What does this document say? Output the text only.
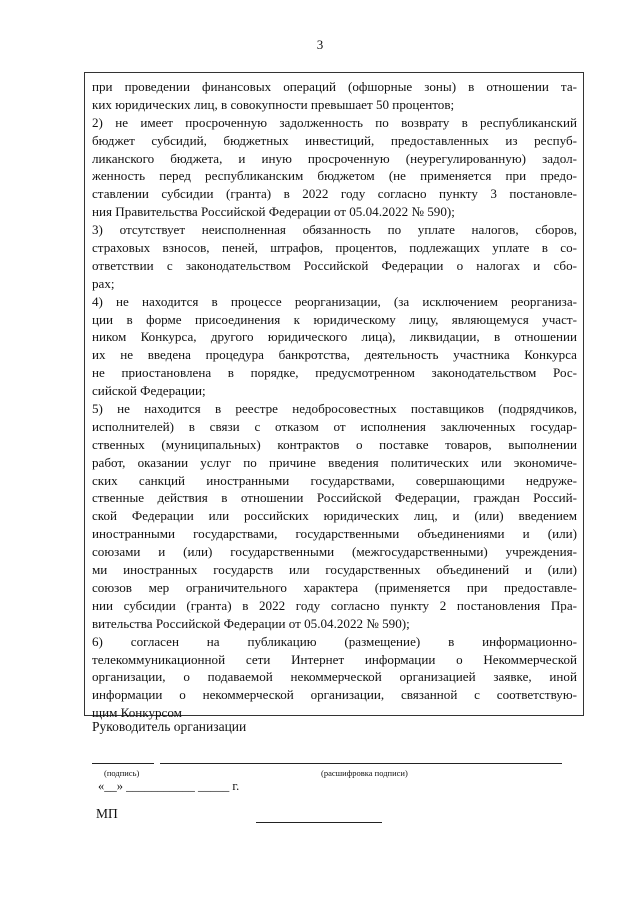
3
при проведении финансовых операций (офшорные зоны) в отношении та-
ких юридических лиц, в совокупности превышает 50 процентов;
2) не имеет просроченную задолженность по возврату в республиканский
бюджет субсидий, бюджетных инвестиций, предоставленных из респуб-
ликанского бюджета, и иную просроченную (неурегулированную) задол-
женность перед республиканским бюджетом (не применяется при предо-
ставлении субсидии (гранта) в 2022 году согласно пункту 3 постановле-
ния Правительства Российской Федерации от 05.04.2022 № 590);
3) отсутствует неисполненная обязанность по уплате налогов, сборов,
страховых взносов, пеней, штрафов, процентов, подлежащих уплате в со-
ответствии с законодательством Российской Федерации о налогах и сбо-
рах;
4) не находится в процессе реорганизации, (за исключением реорганиза-
ции в форме присоединения к юридическому лицу, являющемуся участ-
ником Конкурса, другого юридического лица), ликвидации, в отношении
их не введена процедура банкротства, деятельность участника Конкурса
не приостановлена в порядке, предусмотренном законодательством Рос-
сийской Федерации;
5) не находится в реестре недобросовестных поставщиков (подрядчиков,
исполнителей) в связи с отказом от исполнения заключенных государ-
ственных (муниципальных) контрактов о поставке товаров, выполнении
работ, оказании услуг по причине введения политических или экономиче-
ских санкций иностранными государствами, совершающими недруже-
ственные действия в отношении Российской Федерации, граждан Россий-
ской Федерации или российских юридических лиц, и (или) введением
иностранными государствами, государственными объединениями и (или)
союзами и (или) государственными (межгосударственными) учреждения-
ми иностранных государств или государственных объединений и (или)
союзов мер ограничительного характера (применяется при предоставле-
нии субсидии (гранта) в 2022 году согласно пункту 2 постановления Пра-
вительства Российской Федерации от 05.04.2022 № 590);
6) согласен на публикацию (размещение) в информационно-
телекоммуникационной сети Интернет информации о Некоммерческой
организации, о подаваемой некоммерческой организацией заявке, иной
информации о некоммерческой организации, связанной с соответствую-
щим Конкурсом
Руководитель организации
(подпись)	(расшифровка подписи)
«__» ___________ _____ г.
МП
